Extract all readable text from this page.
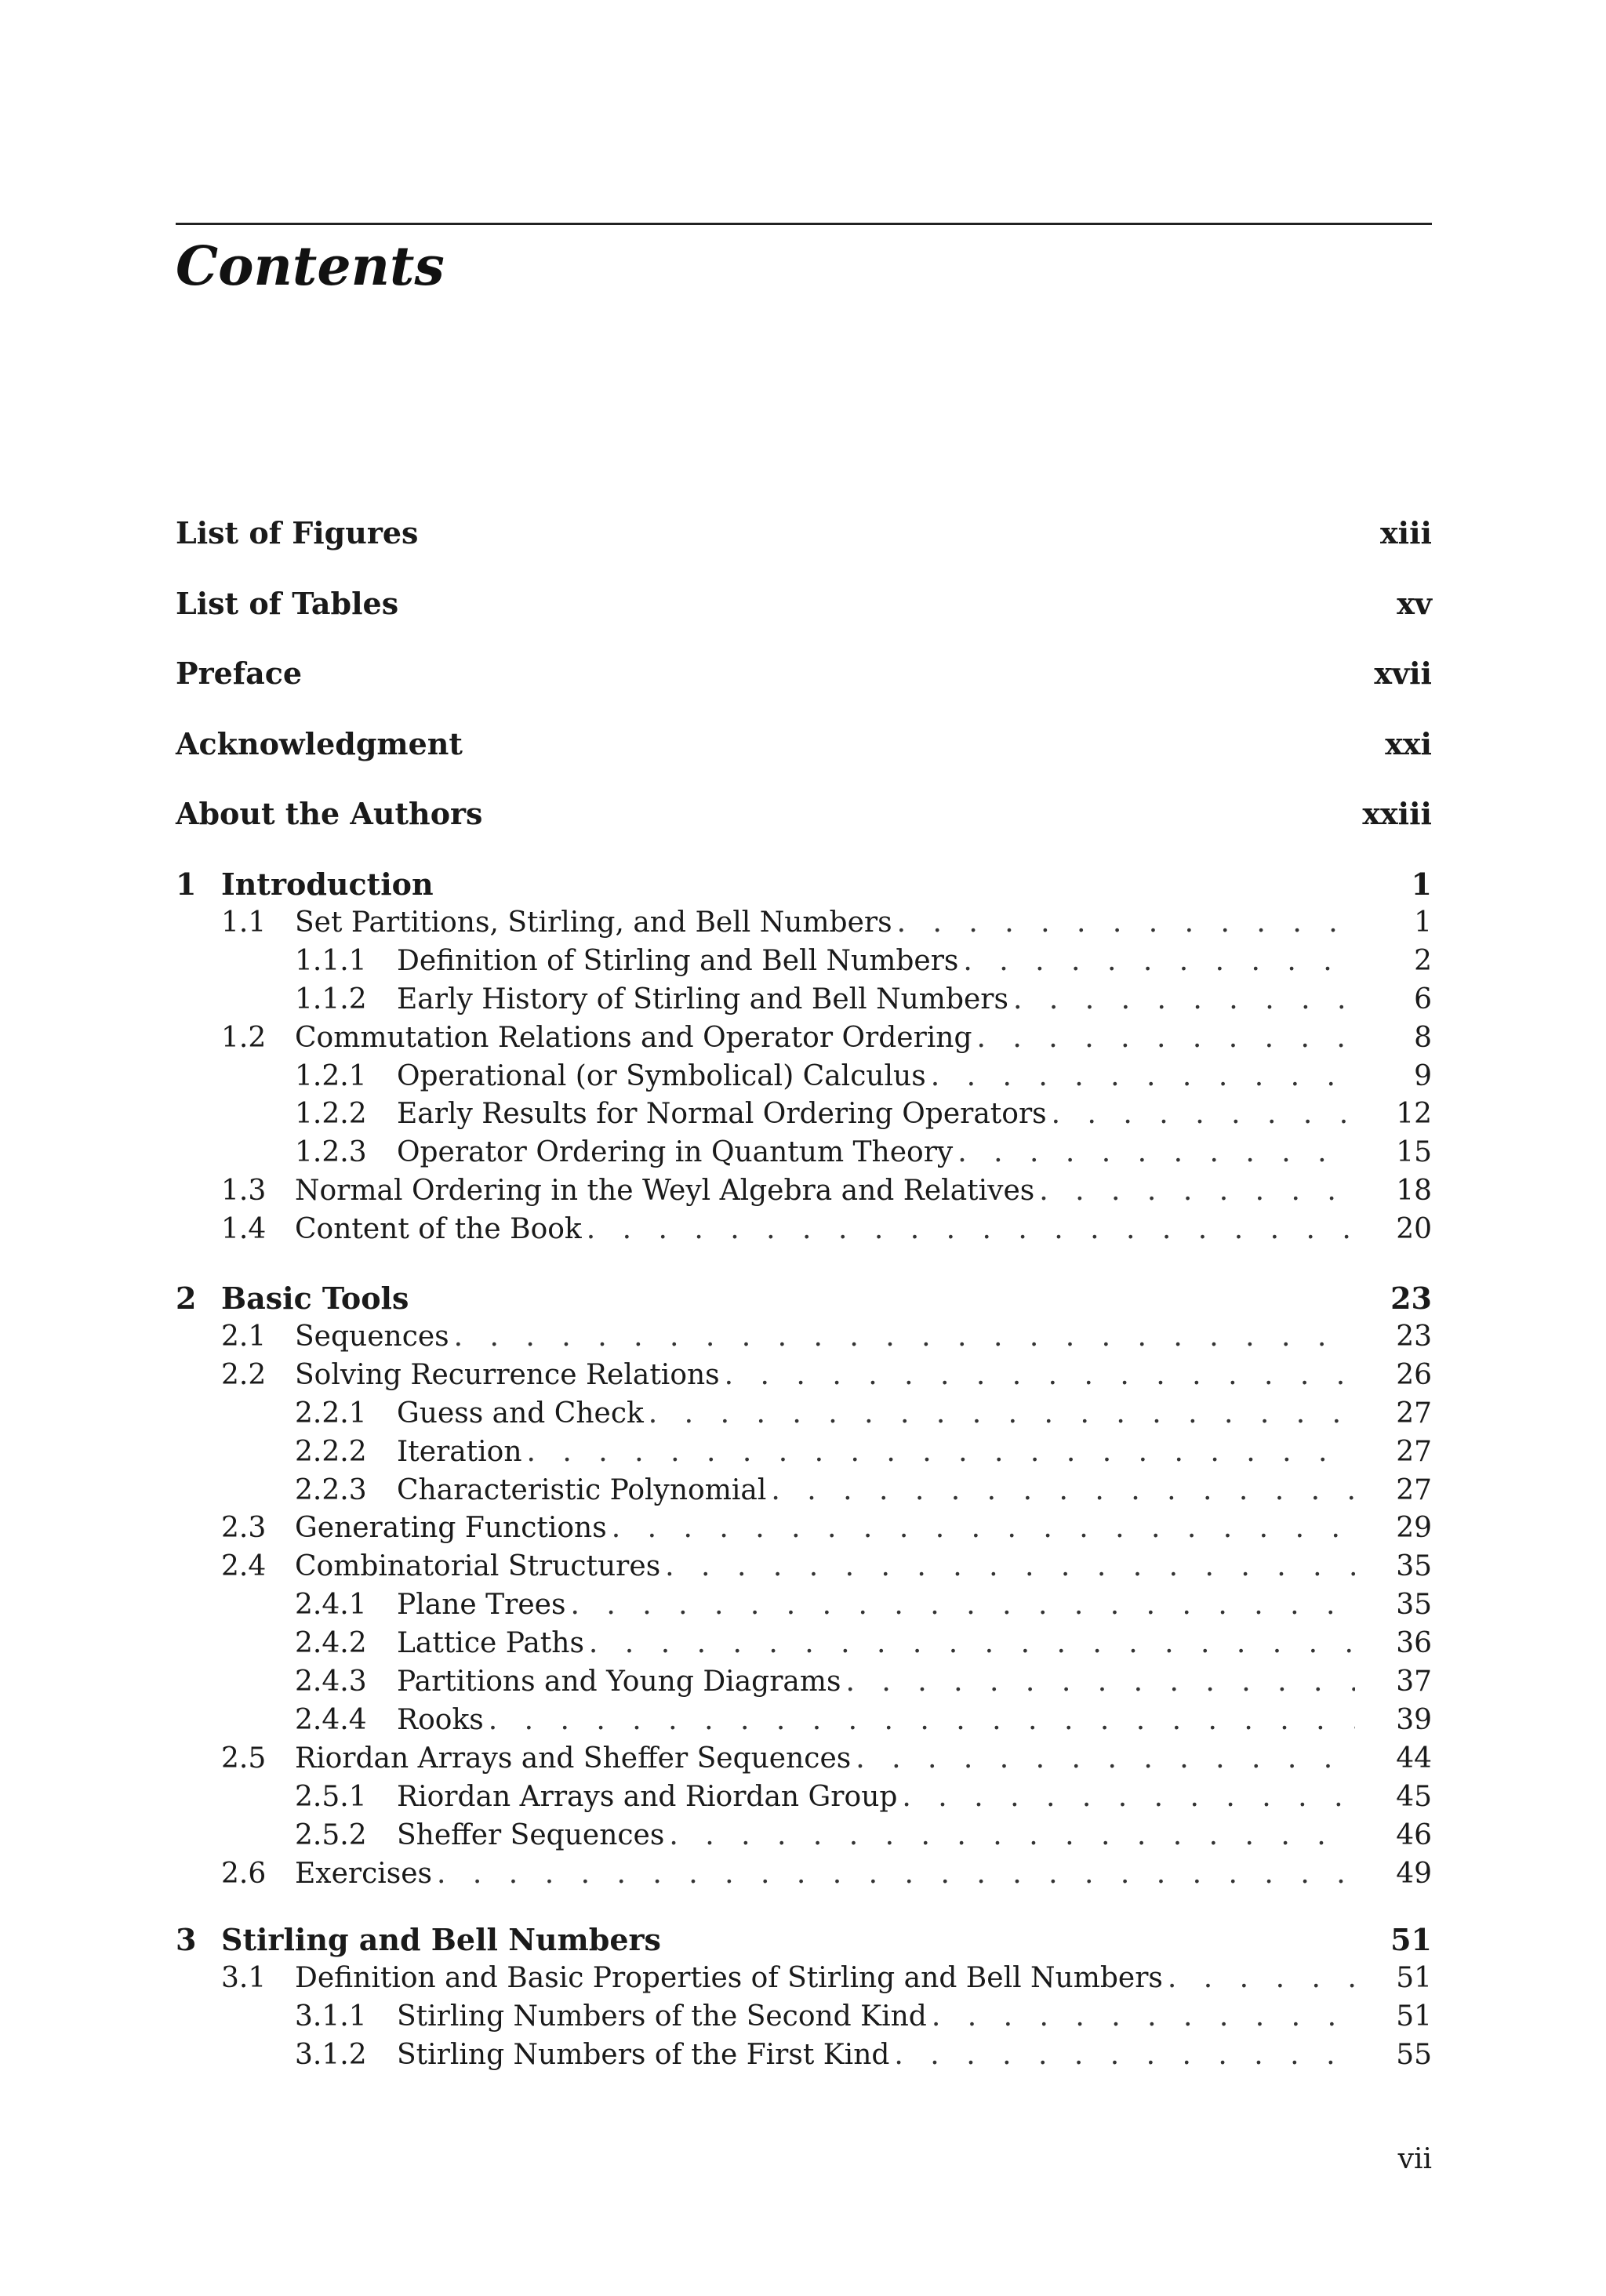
Contents
List of Figures	xiii
List of Tables	xv
Preface	xvii
Acknowledgment	xxi
About the Authors	xxiii
1 Introduction	1
1.1	Set Partitions, Stirling, and Bell Numbers . . .	1
1.1.1	Definition of Stirling and Bell Numbers . . .	2
1.1.2	Early History of Stirling and Bell Numbers . . .	6
1.2	Commutation Relations and Operator Ordering . . .	8
1.2.1	Operational (or Symbolical) Calculus . . .	9
1.2.2	Early Results for Normal Ordering Operators . . .	12
1.2.3	Operator Ordering in Quantum Theory . . .	15
1.3	Normal Ordering in the Weyl Algebra and Relatives . . .	18
1.4	Content of the Book . . .	20
2 Basic Tools	23
2.1	Sequences . . .	23
2.2	Solving Recurrence Relations . . .	26
2.2.1	Guess and Check . . .	27
2.2.2	Iteration . . .	27
2.2.3	Characteristic Polynomial . . .	27
2.3	Generating Functions . . .	29
2.4	Combinatorial Structures . . .	35
2.4.1	Plane Trees . . .	35
2.4.2	Lattice Paths . . .	36
2.4.3	Partitions and Young Diagrams . . .	37
2.4.4	Rooks . . .	39
2.5	Riordan Arrays and Sheffer Sequences . . .	44
2.5.1	Riordan Arrays and Riordan Group . . .	45
2.5.2	Sheffer Sequences . . .	46
2.6	Exercises . . .	49
3 Stirling and Bell Numbers	51
3.1	Definition and Basic Properties of Stirling and Bell Numbers . . .	51
3.1.1	Stirling Numbers of the Second Kind . . .	51
3.1.2	Stirling Numbers of the First Kind . . .	55
vii
